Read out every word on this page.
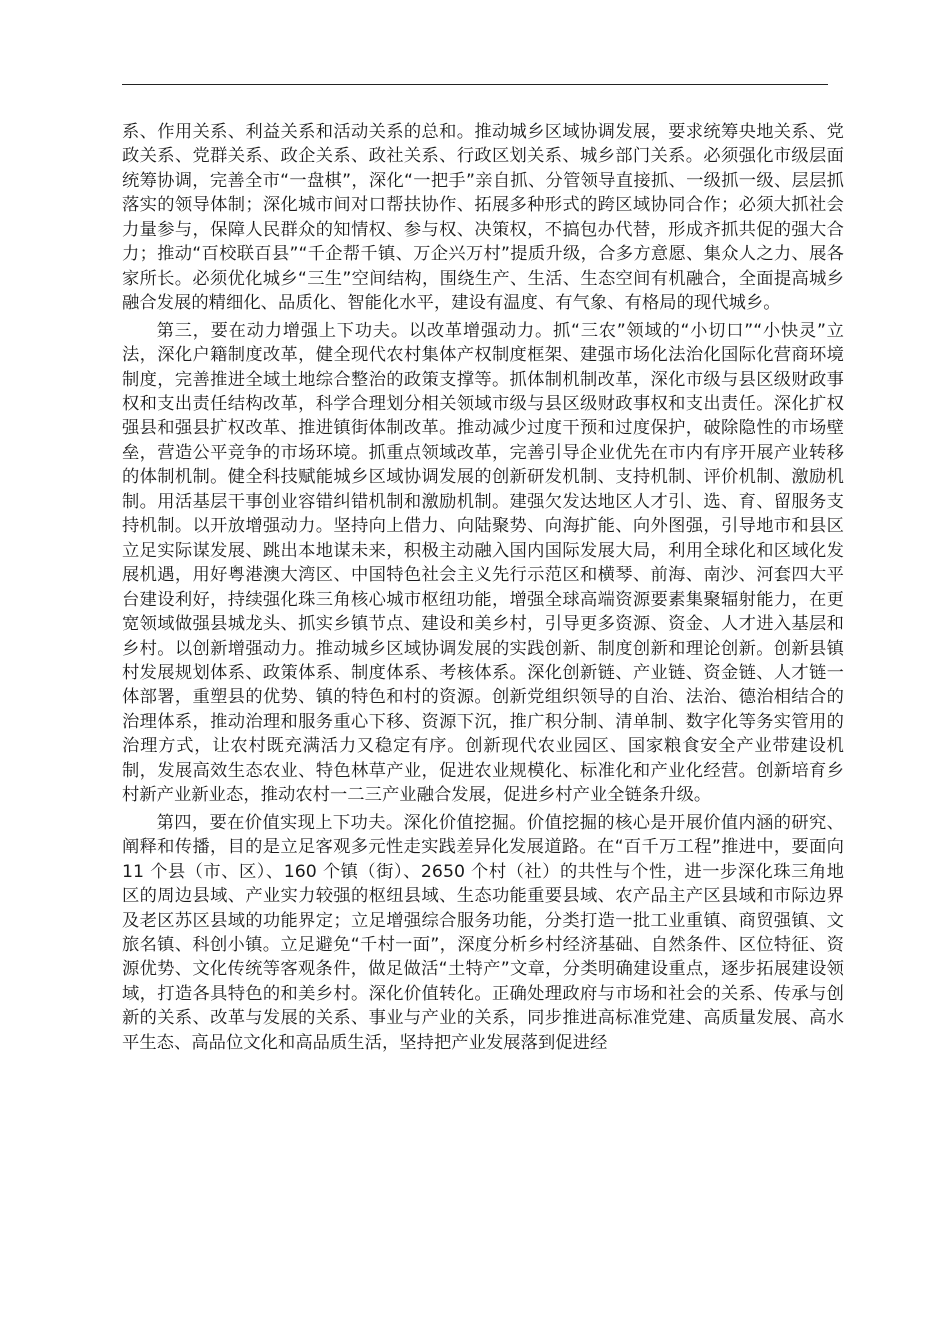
系、作用关系、利益关系和活动关系的总和。推动城乡区域协调发展，要求统筹央地关系、党政关系、党群关系、政企关系、政社关系、行政区划关系、城乡部门关系。必须强化市级层面统筹协调，完善全市“一盘棋”，深化“一把手”亲自抓、分管领导直接抓、一级抓一级、层层抓落实的领导体制；深化城市间对口帮扶协作、拓展多种形式的跨区域协同合作；必须大抓社会力量参与，保障人民群众的知情权、参与权、决策权，不搞包办代替，形成齐抓共促的强大合力；推动“百校联百县”“千企帮千镇、万企兴万村”提质升级，合多方意愿、集众人之力、展各家所长。必须优化城乡“三生”空间结构，围绕生产、生活、生态空间有机融合，全面提高城乡融合发展的精细化、品质化、智能化水平，建设有温度、有气象、有格局的现代城乡。

第三，要在动力增强上下功夫。以改革增强动力。抓“三农”领域的“小切口”“小快灵”立法，深化户籍制度改革，健全现代农村集体产权制度框架、建强市场化法治化国际化营商环境制度，完善推进全域土地综合整治的政策支撑等。抓体制机制改革，深化市级与县区级财政事权和支出责任结构改革，科学合理划分相关领域市级与县区级财政事权和支出责任。深化扩权强县和强县扩权改革、推进镇街体制改革。推动减少过度干预和过度保护，破除隐性的市场壁垒，营造公平竞争的市场环境。抓重点领域改革，完善引导企业优先在市内有序开展产业转移的体制机制。健全科技赋能城乡区域协调发展的创新研发机制、支持机制、评价机制、激励机制。用活基层干事创业容错纠错机制和激励机制。建强欠发达地区人才引、选、育、留服务支持机制。以开放增强动力。坚持向上借力、向陆聚势、向海扩能、向外图强，引导地市和县区立足实际谋发展、跳出本地谋未来，积极主动融入国内国际发展大局，利用全球化和区域化发展机遇，用好粤港澳大湾区、中国特色社会主义先行示范区和横琴、前海、南沙、河套四大平台建设利好，持续强化珠三角核心城市枢纽功能，增强全球高端资源要素集聚辐射能力，在更宽领域做强县城龙头、抓实乡镇节点、建设和美乡村，引导更多资源、资金、人才进入基层和乡村。以创新增强动力。推动城乡区域协调发展的实践创新、制度创新和理论创新。创新县镇村发展规划体系、政策体系、制度体系、考核体系。深化创新链、产业链、资金链、人才链一体部署，重塑县的优势、镇的特色和村的资源。创新党组织领导的自治、法治、德治相结合的治理体系，推动治理和服务重心下移、资源下沉，推广积分制、清单制、数字化等务实管用的治理方式，让农村既充满活力又稳定有序。创新现代农业园区、国家粮食安全产业带建设机制，发展高效生态农业、特色林草产业，促进农业规模化、标准化和产业化经营。创新培育乡村新产业新业态，推动农村一二三产业融合发展，促进乡村产业全链条升级。

第四，要在价值实现上下功夫。深化价值挖掘。价值挖掘的核心是开展价值内涵的研究、阐释和传播，目的是立足客观多元性走实践差异化发展道路。在“百千万工程”推进中，要面向 11 个县（市、区）、160 个镇（街）、2650 个村（社）的共性与个性，进一步深化珠三角地区的周边县域、产业实力较强的枢纽县域、生态功能重要县域、农产品主产区县域和市际边界及老区苏区县域的功能界定；立足增强综合服务功能，分类打造一批工业重镇、商贸强镇、文旅名镇、科创小镇。立足避免“千村一面”，深度分析乡村经济基础、自然条件、区位特征、资源优势、文化传统等客观条件，做足做活“土特产”文章，分类明确建设重点，逐步拓展建设领域，打造各具特色的和美乡村。深化价值转化。正确处理政府与市场和社会的关系、传承与创新的关系、改革与发展的关系、事业与产业的关系，同步推进高标准党建、高质量发展、高水平生态、高品位文化和高品质生活，坚持把产业发展落到促进经
